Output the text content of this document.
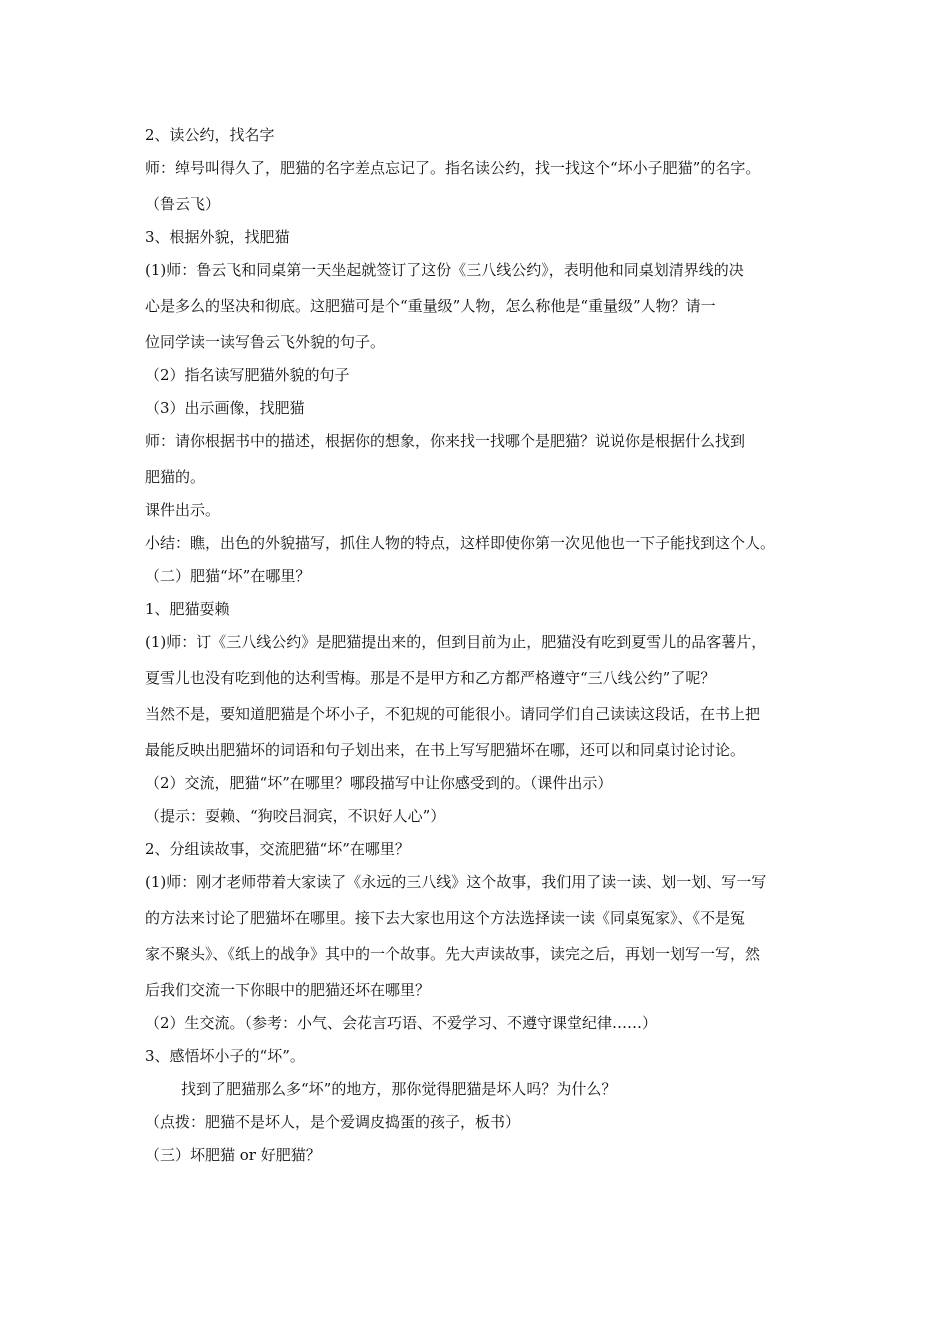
2、读公约，找名字

师：绰号叫得久了，肥猫的名字差点忘记了。指名读公约，找一找这个“坏小子肥猫”的名字。

（鲁云飞）

3、根据外貌，找肥猫

(1)师：鲁云飞和同桌第一天坐起就签订了这份《三八线公约》，表明他和同桌划清界线的决

心是多么的坚决和彻底。这肥猫可是个“重量级”人物，怎么称他是“重量级”人物？请一

位同学读一读写鲁云飞外貌的句子。

（2）指名读写肥猫外貌的句子

（3）出示画像，找肥猫

师：请你根据书中的描述，根据你的想象，你来找一找哪个是肥猫？说说你是根据什么找到

肥猫的。

课件出示。

小结：瞧，出色的外貌描写，抓住人物的特点，这样即使你第一次见他也一下子能找到这个人。

（二）肥猫“坏”在哪里？

1、肥猫耍赖

(1)师：订《三八线公约》是肥猫提出来的，但到目前为止，肥猫没有吃到夏雪儿的品客薯片，

夏雪儿也没有吃到他的达利雪梅。那是不是甲方和乙方都严格遵守“三八线公约”了呢？

当然不是，要知道肥猫是个坏小子，不犯规的可能很小。请同学们自己读读这段话，在书上把

最能反映出肥猫坏的词语和句子划出来，在书上写写肥猫坏在哪，还可以和同桌讨论讨论。

（2）交流，肥猫“坏”在哪里？哪段描写中让你感受到的。（课件出示）

（提示：耍赖、“狗咬吕洞宾，不识好人心”）

2、分组读故事，交流肥猫“坏”在哪里？

(1)师：刚才老师带着大家读了《永远的三八线》这个故事，我们用了读一读、划一划、写一写

的方法来讨论了肥猫坏在哪里。接下去大家也用这个方法选择读一读《同桌冤家》、《不是冤

家不聚头》、《纸上的战争》其中的一个故事。先大声读故事，读完之后，再划一划写一写，然

后我们交流一下你眼中的肥猫还坏在哪里？

（2）生交流。（参考：小气、会花言巧语、不爱学习、不遵守课堂纪律……）

3、感悟坏小子的“坏”。

找到了肥猫那么多“坏”的地方，那你觉得肥猫是坏人吗？为什么？

（点拨：肥猫不是坏人，是个爱调皮捣蛋的孩子，板书）

（三）坏肥猫 or 好肥猫？
